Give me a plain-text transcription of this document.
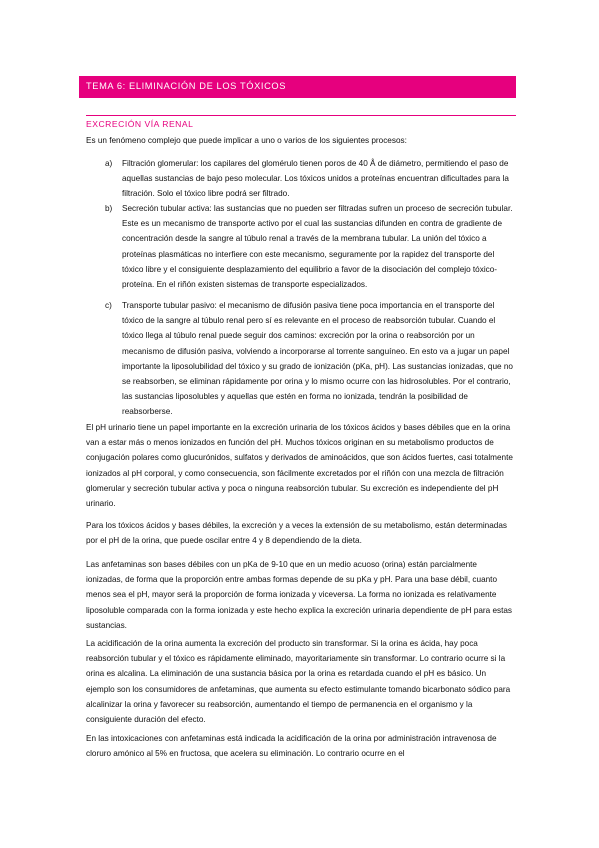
TEMA 6: ELIMINACIÓN DE LOS TÓXICOS
EXCRECIÓN VÍA RENAL

Es un fenómeno complejo que puede implicar a uno o varios de los siguientes procesos:

a) Filtración glomerular: los capilares del glomérulo tienen poros de 40 Å de diámetro, permitiendo el paso de aquellas sustancias de bajo peso molecular. Los tóxicos unidos a proteínas encuentran dificultades para la filtración. Solo el tóxico libre podrá ser filtrado.

b) Secreción tubular activa: las sustancias que no pueden ser filtradas sufren un proceso de secreción tubular. Este es un mecanismo de transporte activo por el cual las sustancias difunden en contra de gradiente de concentración desde la sangre al túbulo renal a través de la membrana tubular. La unión del tóxico a proteínas plasmáticas no interfiere con este mecanismo, seguramente por la rapidez del transporte del tóxico libre y el consiguiente desplazamiento del equilibrio a favor de la disociación del complejo tóxico-proteína. En el riñón existen sistemas de transporte especializados.

c) Transporte tubular pasivo: el mecanismo de difusión pasiva tiene poca importancia en el transporte del tóxico de la sangre al túbulo renal pero sí es relevante en el proceso de reabsorción tubular. Cuando el tóxico llega al túbulo renal puede seguir dos caminos: excreción por la orina o reabsorción por un mecanismo de difusión pasiva, volviendo a incorporarse al torrente sanguíneo. En esto va a jugar un papel importante la liposolubilidad del tóxico y su grado de ionización (pKa, pH). Las sustancias ionizadas, que no se reabsorben, se eliminan rápidamente por orina y lo mismo ocurre con las hidrosolubles. Por el contrario, las sustancias liposolubles y aquellas que estén en forma no ionizada, tendrán la posibilidad de reabsorberse.

El pH urinario tiene un papel importante en la excreción urinaria de los tóxicos ácidos y bases débiles que en la orina van a estar más o menos ionizados en función del pH. Muchos tóxicos originan en su metabolismo productos de conjugación polares como glucurónidos, sulfatos y derivados de aminoácidos, que son ácidos fuertes, casi totalmente ionizados al pH corporal, y como consecuencia, son fácilmente excretados por el riñón con una mezcla de filtración glomerular y secreción tubular activa y poca o ninguna reabsorción tubular. Su excreción es independiente del pH urinario.

Para los tóxicos ácidos y bases débiles, la excreción y a veces la extensión de su metabolismo, están determinadas por el pH de la orina, que puede oscilar entre 4 y 8 dependiendo de la dieta.

Las anfetaminas son bases débiles con un pKa de 9-10 que en un medio acuoso (orina) están parcialmente ionizadas, de forma que la proporción entre ambas formas depende de su pKa y pH. Para una base débil, cuanto menos sea el pH, mayor será la proporción de forma ionizada y viceversa. La forma no ionizada es relativamente liposoluble comparada con la forma ionizada y este hecho explica la excreción urinaria dependiente de pH para estas sustancias.

La acidificación de la orina aumenta la excreción del producto sin transformar. Si la orina es ácida, hay poca reabsorción tubular y el tóxico es rápidamente eliminado, mayoritariamente sin transformar. Lo contrario ocurre si la orina es alcalina. La eliminación de una sustancia básica por la orina es retardada cuando el pH es básico. Un ejemplo son los consumidores de anfetaminas, que aumenta su efecto estimulante tomando bicarbonato sódico para alcalinizar la orina y favorecer su reabsorción, aumentando el tiempo de permanencia en el organismo y la consiguiente duración del efecto.

En las intoxicaciones con anfetaminas está indicada la acidificación de la orina por administración intravenosa de cloruro amónico al 5% en fructosa, que acelera su eliminación. Lo contrario ocurre en el
